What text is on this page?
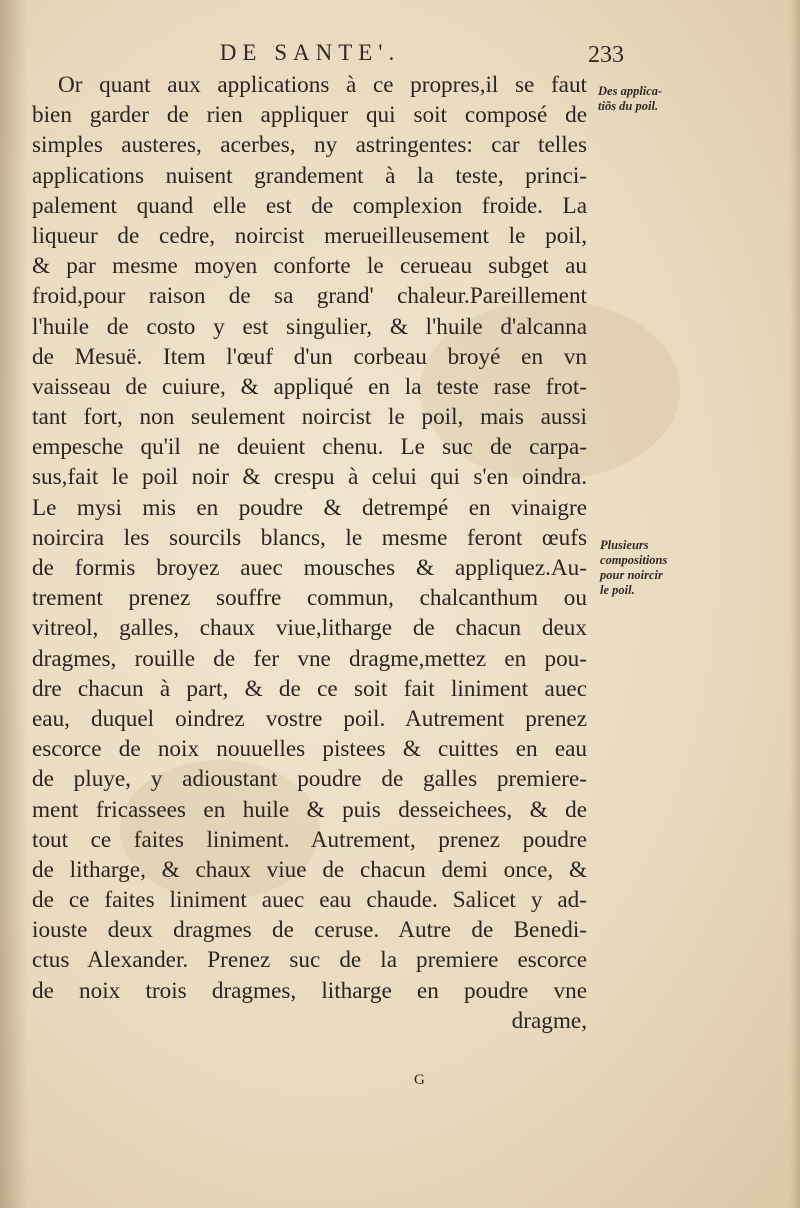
DE SANTE'.	233
Or quant aux applications à ce propres,il se faut
bien garder de rien appliquer qui soit composé de
simples austeres, acerbes, ny astringentes: car telles
applications nuisent grandement à la teste, princi-
palement quand elle est de complexion froide. La
liqueur de cedre, noircist merueilleusement le poil,
& par mesme moyen conforte le cerueau subget au
froid,pour raison de sa grand' chaleur.Pareillement
l'huile de costo y est singulier, & l'huile d'alcanna
de Mesuë. Item l'œuf d'un corbeau broyé en vn
vaisseau de cuiure, & appliqué en la teste rase frot-
tant fort, non seulement noircist le poil, mais aussi
empesche qu'il ne deuient chenu. Le suc de carpa-
sus,fait le poil noir & crespu à celui qui s'en oindra.
Le mysi mis en poudre & detrempé en vinaigre
noircira les sourcils blancs, le mesme feront œufs
de formis broyez auec mousches & appliquez.Au-
trement prenez souffre commun, chalcanthum ou
vitreol, galles, chaux viue,litharge de chacun deux
dragmes, rouille de fer vne dragme,mettez en pou-
dre chacun à part, & de ce soit fait liniment auec
eau, duquel oindrez vostre poil. Autrement prenez
escorce de noix nouuelles pistees & cuittes en eau
de pluye, y adioustant poudre de galles premiere-
ment fricassees en huile & puis desseichees, & de
tout ce faites liniment. Autrement, prenez poudre
de litharge, & chaux viue de chacun demi once, &
de ce faites liniment auec eau chaude. Salicet y ad-
iouste deux dragmes de ceruse. Autre de Benedi-
ctus Alexander. Prenez suc de la premiere escorce
de noix trois dragmes, litharge en poudre vne
dragme,
Des applica-
tiõs du poil.
Plusieurs
compositions
pour noircir
le poil.
G
